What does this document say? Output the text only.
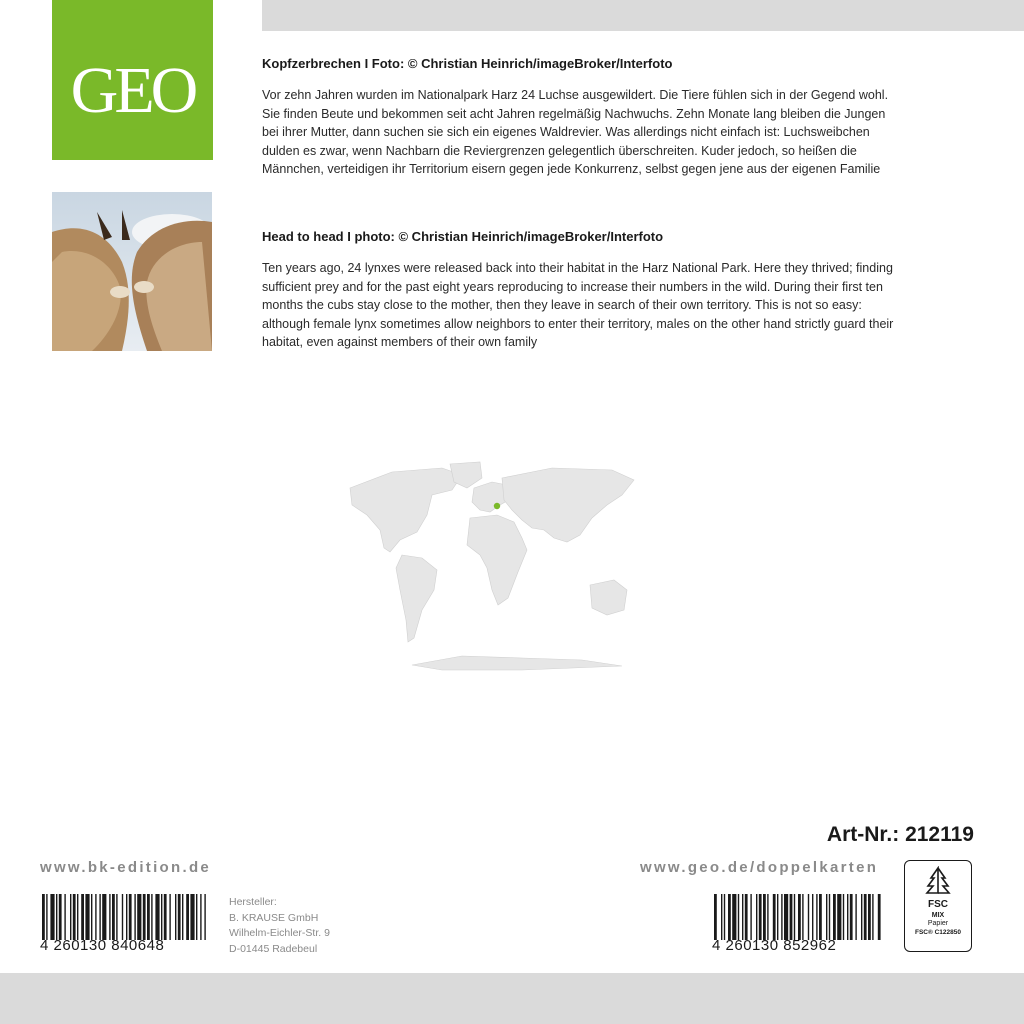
GEO	Kopfzerbrechen I Foto: © Christian Heinrich/imageBroker/Interfoto
Vor zehn Jahren wurden im Nationalpark Harz 24 Luchse ausgewildert. Die Tiere fühlen sich in der Gegend wohl. Sie finden Beute und bekommen seit acht Jahren regelmäßig Nachwuchs. Zehn Monate lang bleiben die Jungen bei ihrer Mutter, dann suchen sie sich ein eigenes Waldrevier. Was allerdings nicht einfach ist: Luchsweibchen dulden es zwar, wenn Nachbarn die Reviergrenzen gelegentlich überschreiten. Kuder jedoch, so heißen die Männchen, verteidigen ihr Territorium eisern gegen jede Konkurrenz, selbst gegen jene aus der eigenen Familie
Head to head I photo: © Christian Heinrich/imageBroker/Interfoto
Ten years ago, 24 lynxes were released back into their habitat in the Harz National Park. Here they thrived; finding sufficient prey and for the past eight years reproducing to increase their numbers in the wild. During their first ten months the cubs stay close to the mother, then they leave in search of their own territory. This is not so easy: although female lynx sometimes allow neighbors to enter their territory, males on the other hand strictly guard their habitat, even against members of their own family
Art-Nr.: 212119
www.bk-edition.de	www.geo.de/doppelkarten
4 260130 840648
Hersteller:
B. KRAUSE GmbH
Wilhelm-Eichler-Str. 9
D-01445 Radebeul	4 260130 852962
FSC
MIX
Papier
FSC® C122850
